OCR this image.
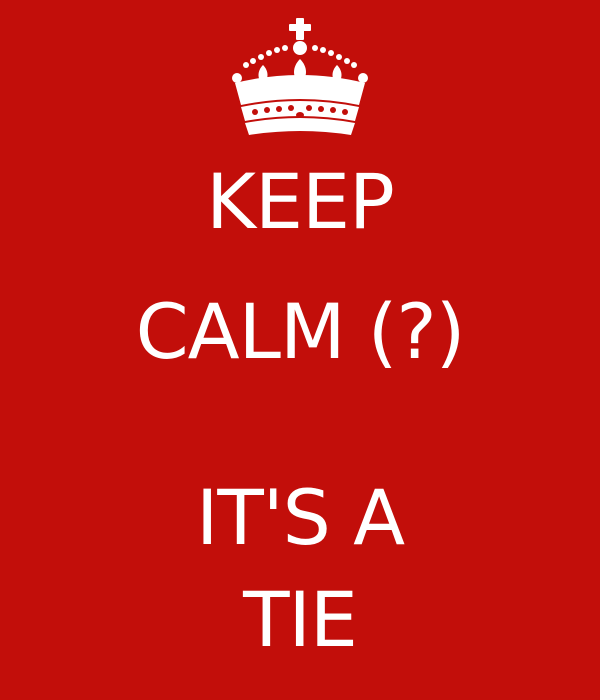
KEEP
CALM (?)
IT'S A
TIE
